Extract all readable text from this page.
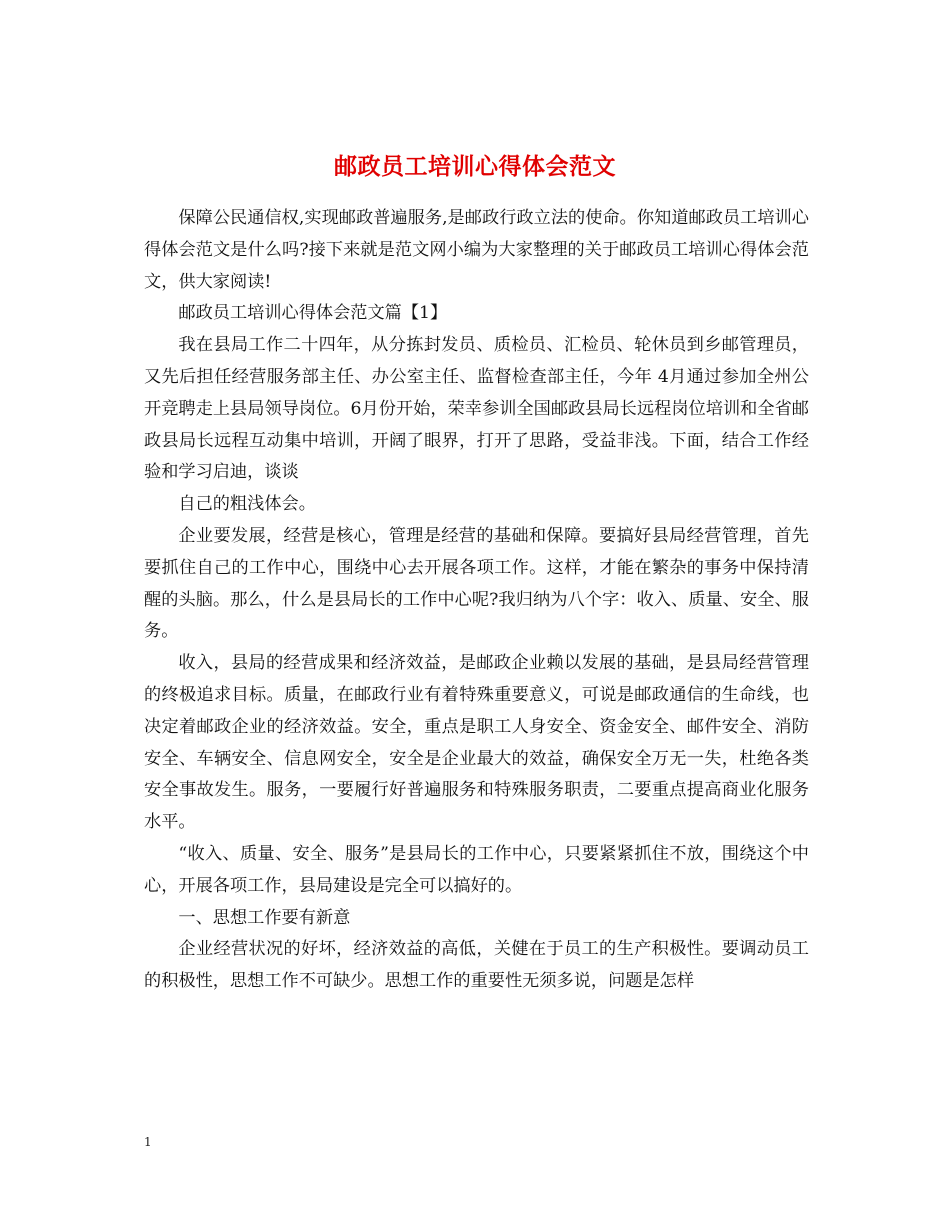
邮政员工培训心得体会范文

保障公民通信权,实现邮政普遍服务,是邮政行政立法的使命。你知道邮政员工培训心得体会范文是什么吗?接下来就是范文网小编为大家整理的关于邮政员工培训心得体会范文，供大家阅读!

邮政员工培训心得体会范文篇【1】

我在县局工作二十四年，从分拣封发员、质检员、汇检员、轮休员到乡邮管理员，又先后担任经营服务部主任、办公室主任、监督检查部主任，今年 4月通过参加全州公开竞聘走上县局领导岗位。6月份开始，荣幸参训全国邮政县局长远程岗位培训和全省邮政县局长远程互动集中培训，开阔了眼界，打开了思路，受益非浅。下面，结合工作经验和学习启迪，谈谈

自己的粗浅体会。

企业要发展，经营是核心，管理是经营的基础和保障。要搞好县局经营管理，首先要抓住自己的工作中心，围绕中心去开展各项工作。这样，才能在繁杂的事务中保持清醒的头脑。那么，什么是县局长的工作中心呢?我归纳为八个字：收入、质量、安全、服务。

收入，县局的经营成果和经济效益，是邮政企业赖以发展的基础，是县局经营管理的终极追求目标。质量，在邮政行业有着特殊重要意义，可说是邮政通信的生命线，也决定着邮政企业的经济效益。安全，重点是职工人身安全、资金安全、邮件安全、消防安全、车辆安全、信息网安全，安全是企业最大的效益，确保安全万无一失，杜绝各类安全事故发生。服务，一要履行好普遍服务和特殊服务职责，二要重点提高商业化服务水平。

“收入、质量、安全、服务”是县局长的工作中心，只要紧紧抓住不放，围绕这个中心，开展各项工作，县局建设是完全可以搞好的。

一、思想工作要有新意

企业经营状况的好坏，经济效益的高低，关健在于员工的生产积极性。要调动员工的积极性，思想工作不可缺少。思想工作的重要性无须多说，问题是怎样

1
